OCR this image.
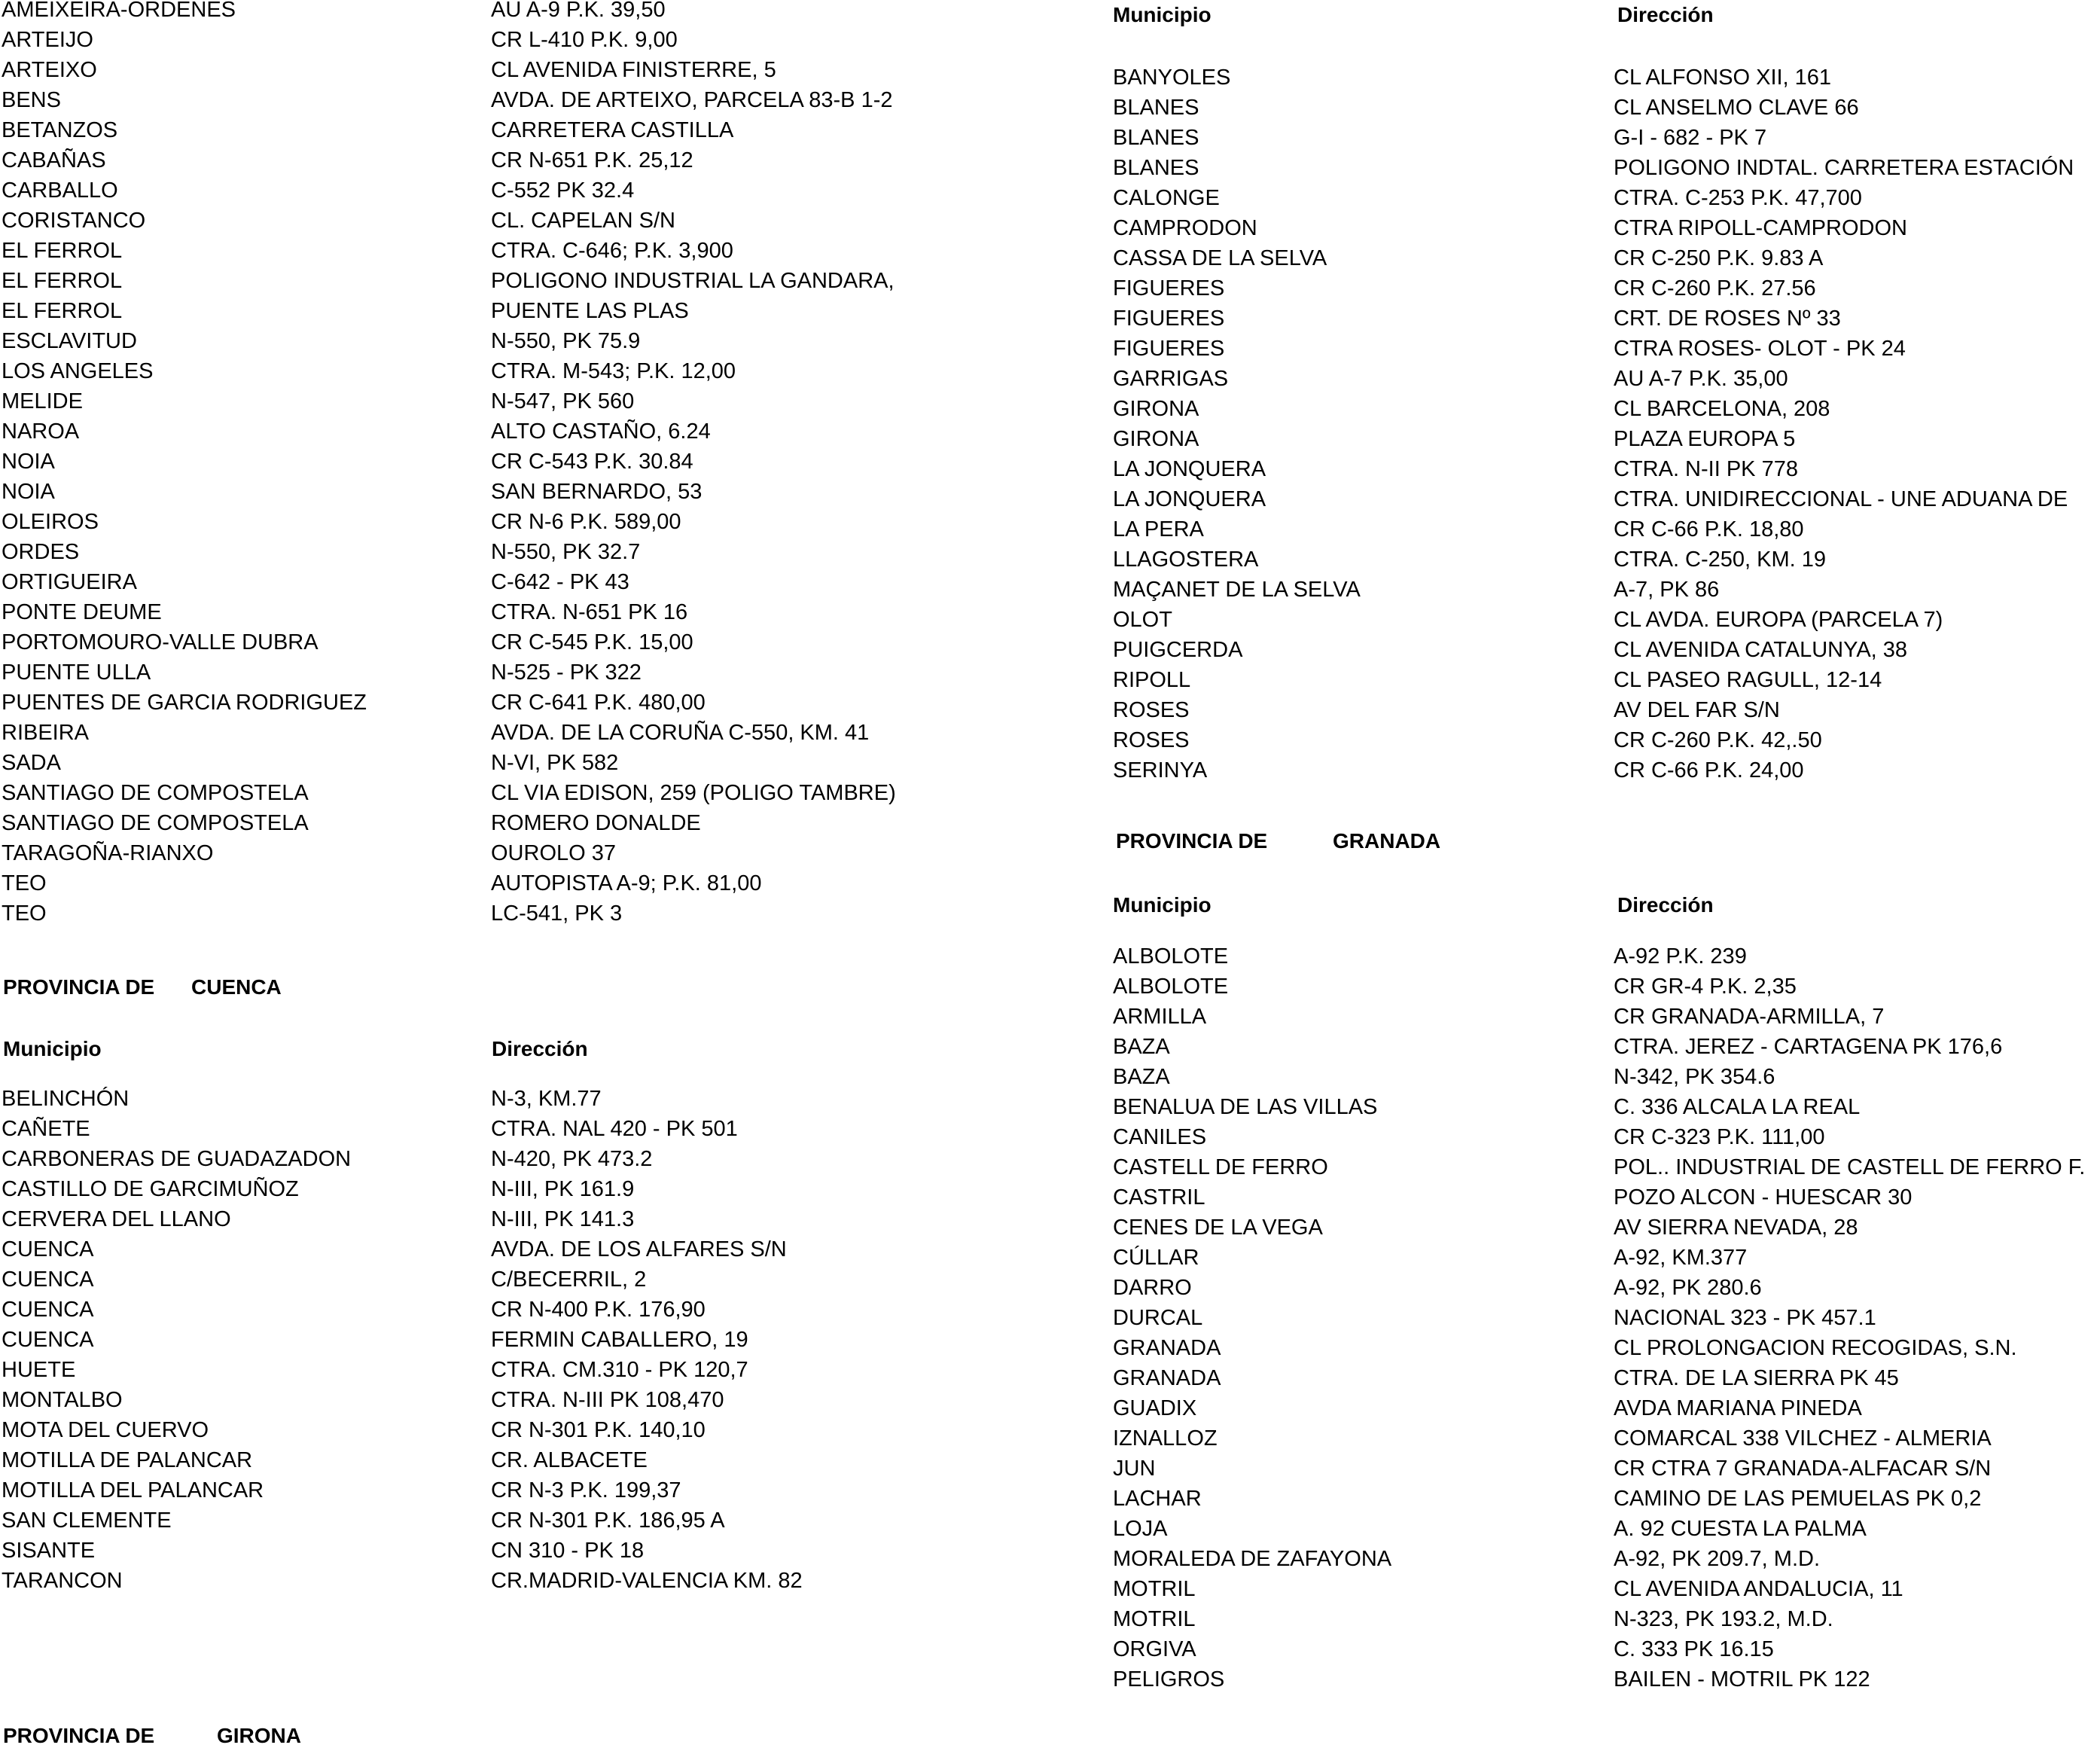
AMEIXEIRA-ORDENES	AU A-9 P.K. 39,50
ARTEIJO	CR L-410 P.K. 9,00
ARTEIXO	CL AVENIDA FINISTERRE, 5
BENS	AVDA. DE ARTEIXO, PARCELA 83-B 1-2
BETANZOS	CARRETERA CASTILLA
CABAÑAS	CR N-651 P.K. 25,12
CARBALLO	C-552 PK 32.4
CORISTANCO	CL. CAPELAN S/N
EL FERROL	CTRA. C-646; P.K. 3,900
EL FERROL	POLIGONO INDUSTRIAL LA GANDARA,
EL FERROL	PUENTE LAS PLAS
ESCLAVITUD	N-550, PK 75.9
LOS ANGELES	CTRA. M-543; P.K. 12,00
MELIDE	N-547, PK 560
NAROA	ALTO CASTAÑO, 6.24
NOIA	CR C-543 P.K. 30.84
NOIA	SAN BERNARDO, 53
OLEIROS	CR N-6 P.K. 589,00
ORDES	N-550, PK 32.7
ORTIGUEIRA	C-642 - PK 43
PONTE DEUME	CTRA. N-651 PK 16
PORTOMOURO-VALLE DUBRA	CR C-545 P.K. 15,00
PUENTE ULLA	N-525 - PK 322
PUENTES DE GARCIA RODRIGUEZ	CR C-641 P.K. 480,00
RIBEIRA	AVDA. DE LA CORUÑA C-550, KM. 41
SADA	N-VI, PK 582
SANTIAGO DE COMPOSTELA	CL VIA EDISON, 259 (POLIGO TAMBRE)
SANTIAGO DE COMPOSTELA	ROMERO DONALDE
TARAGOÑA-RIANXO	OUROLO 37
TEO	AUTOPISTA A-9; P.K. 81,00
TEO	LC-541, PK 3
PROVINCIA DE CUENCA
Municipio	Dirección
BELINCHÓN	N-3, KM.77
CAÑETE	CTRA. NAL 420 - PK 501
CARBONERAS DE GUADAZADON	N-420, PK 473.2
CASTILLO DE GARCIMUÑOZ	N-III, PK 161.9
CERVERA DEL LLANO	N-III, PK 141.3
CUENCA	AVDA. DE LOS ALFARES S/N
CUENCA	C/BECERRIL, 2
CUENCA	CR N-400 P.K. 176,90
CUENCA	FERMIN CABALLERO, 19
HUETE	CTRA. CM.310 - PK 120,7
MONTALBO	CTRA. N-III PK 108,470
MOTA DEL CUERVO	CR N-301 P.K. 140,10
MOTILLA DE PALANCAR	CR. ALBACETE
MOTILLA DEL PALANCAR	CR N-3 P.K. 199,37
SAN CLEMENTE	CR N-301 P.K. 186,95 A
SISANTE	CN 310 - PK 18
TARANCON	CR.MADRID-VALENCIA KM. 82
PROVINCIA DE	GIRONA
Municipio	Dirección
BANYOLES	CL ALFONSO XII, 161
BLANES	CL ANSELMO CLAVE 66
BLANES	G-I - 682 - PK 7
BLANES	POLIGONO INDTAL. CARRETERA ESTACIÓN
CALONGE	CTRA. C-253 P.K. 47,700
CAMPRODON	CTRA RIPOLL-CAMPRODON
CASSA DE LA SELVA	CR C-250 P.K. 9.83 A
FIGUERES	CR C-260 P.K. 27.56
FIGUERES	CRT. DE ROSES Nº 33
FIGUERES	CTRA ROSES- OLOT - PK 24
GARRIGAS	AU A-7 P.K. 35,00
GIRONA	CL BARCELONA, 208
GIRONA	PLAZA EUROPA 5
LA JONQUERA	CTRA. N-II PK 778
LA JONQUERA	CTRA. UNIDIRECCIONAL - UNE ADUANA DE
LA PERA	CR C-66 P.K. 18,80
LLAGOSTERA	CTRA. C-250, KM. 19
MAÇANET DE LA SELVA	A-7, PK 86
OLOT	CL AVDA. EUROPA (PARCELA 7)
PUIGCERDA	CL AVENIDA CATALUNYA, 38
RIPOLL	CL PASEO RAGULL, 12-14
ROSES	AV DEL FAR S/N
ROSES	CR C-260 P.K. 42,.50
SERINYA	CR C-66 P.K. 24,00
PROVINCIA DE	GRANADA
Municipio	Dirección
ALBOLOTE	A-92 P.K. 239
ALBOLOTE	CR GR-4 P.K. 2,35
ARMILLA	CR GRANADA-ARMILLA, 7
BAZA	CTRA. JEREZ - CARTAGENA PK 176,6
BAZA	N-342, PK 354.6
BENALUA DE LAS VILLAS	C. 336 ALCALA LA REAL
CANILES	CR C-323 P.K. 111,00
CASTELL DE FERRO	POL.. INDUSTRIAL DE CASTELL DE FERRO F.
CASTRIL	POZO ALCON - HUESCAR 30
CENES DE LA VEGA	AV SIERRA NEVADA, 28
CÚLLAR	A-92, KM.377
DARRO	A-92, PK 280.6
DURCAL	NACIONAL 323 - PK 457.1
GRANADA	CL PROLONGACION RECOGIDAS, S.N.
GRANADA	CTRA. DE LA SIERRA PK 45
GUADIX	AVDA MARIANA PINEDA
IZNALLOZ	COMARCAL 338 VILCHEZ - ALMERIA
JUN	CR CTRA 7 GRANADA-ALFACAR S/N
LACHAR	CAMINO DE LAS PEMUELAS PK 0,2
LOJA	A. 92 CUESTA LA PALMA
MORALEDA DE ZAFAYONA	A-92, PK 209.7, M.D.
MOTRIL	CL AVENIDA ANDALUCIA, 11
MOTRIL	N-323, PK 193.2, M.D.
ORGIVA	C. 333 PK 16.15
PELIGROS	BAILEN - MOTRIL PK 122
